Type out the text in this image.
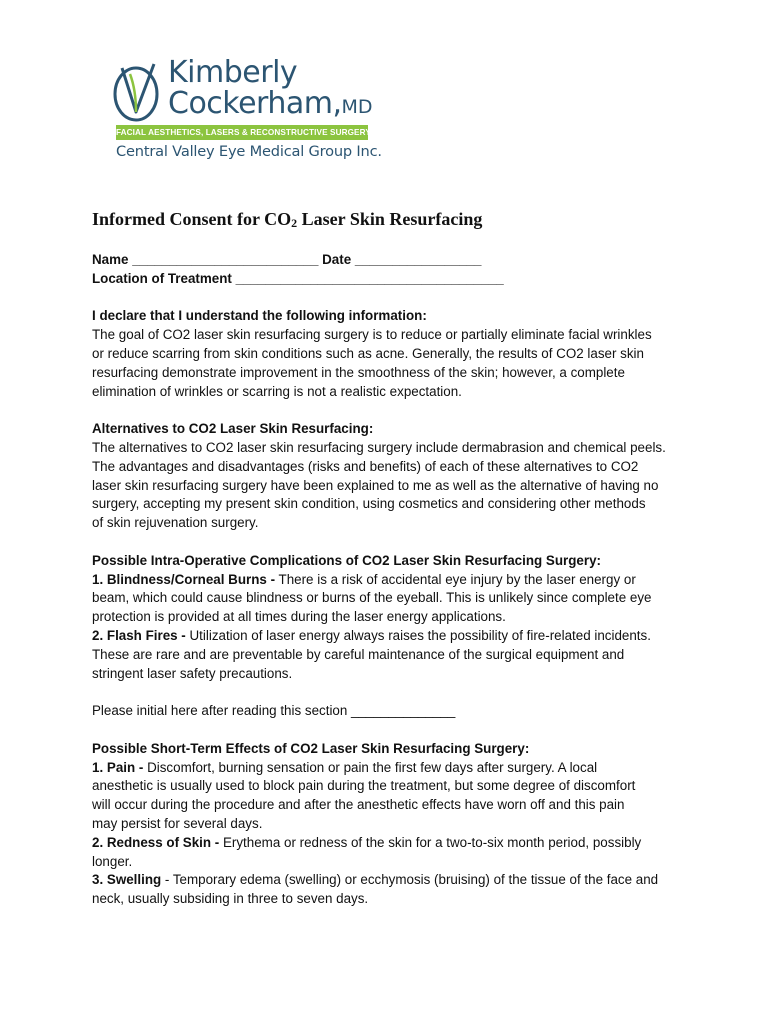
Kimberly
Cockerham,MD
FACIAL AESTHETICS, LASERS & RECONSTRUCTIVE SURGERY
Central Valley Eye Medical Group Inc.
Informed Consent for $CO_2$ Laser Skin Resurfacing
Name _________________________ Date _________________
Location of Treatment ____________________________________
I declare that I understand the following information:
The goal of CO2 laser skin resurfacing surgery is to reduce or partially eliminate facial wrinkles
or reduce scarring from skin conditions such as acne. Generally, the results of CO2 laser skin
resurfacing demonstrate improvement in the smoothness of the skin; however, a complete
elimination of wrinkles or scarring is not a realistic expectation.
Alternatives to CO2 Laser Skin Resurfacing:
The alternatives to CO2 laser skin resurfacing surgery include dermabrasion and chemical peels.
The advantages and disadvantages (risks and benefits) of each of these alternatives to CO2
laser skin resurfacing surgery have been explained to me as well as the alternative of having no
surgery, accepting my present skin condition, using cosmetics and considering other methods
of skin rejuvenation surgery.
Possible Intra-Operative Complications of CO2 Laser Skin Resurfacing Surgery:
1. Blindness/Corneal Burns - There is a risk of accidental eye injury by the laser energy or
beam, which could cause blindness or burns of the eyeball. This is unlikely since complete eye
protection is provided at all times during the laser energy applications.
2. Flash Fires - Utilization of laser energy always raises the possibility of fire-related incidents.
These are rare and are preventable by careful maintenance of the surgical equipment and
stringent laser safety precautions.
Please initial here after reading this section ______________
Possible Short-Term Effects of CO2 Laser Skin Resurfacing Surgery:
1. Pain - Discomfort, burning sensation or pain the first few days after surgery. A local
anesthetic is usually used to block pain during the treatment, but some degree of discomfort
will occur during the procedure and after the anesthetic effects have worn off and this pain
may persist for several days.
2. Redness of Skin - Erythema or redness of the skin for a two-to-six month period, possibly
longer.
3. Swelling - Temporary edema (swelling) or ecchymosis (bruising) of the tissue of the face and
neck, usually subsiding in three to seven days.
